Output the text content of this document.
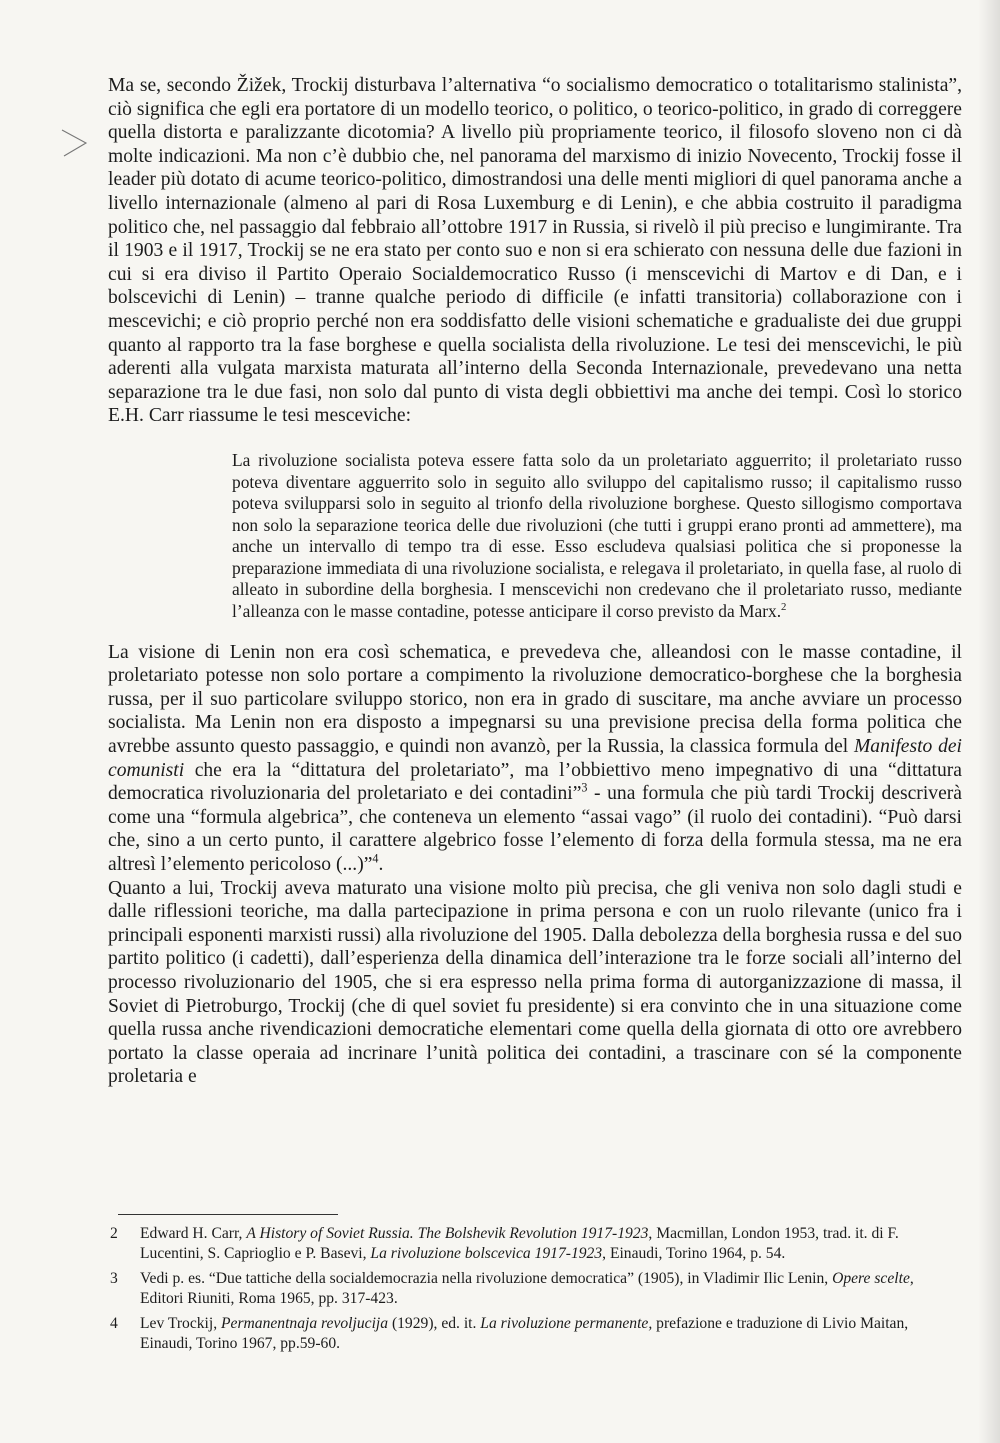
Ma se, secondo Žižek, Trockij disturbava l’alternativa “o socialismo democratico o totalitarismo stalinista”, ciò significa che egli era portatore di un modello teorico, o politico, o teorico-politico, in grado di correggere quella distorta e paralizzante dicotomia? A livello più propriamente teorico, il filosofo sloveno non ci dà molte indicazioni. Ma non c’è dubbio che, nel panorama del marxismo di inizio Novecento, Trockij fosse il leader più dotato di acume teorico-politico, dimostrandosi una delle menti migliori di quel panorama anche a livello internazionale (almeno al pari di Rosa Luxemburg e di Lenin), e che abbia costruito il paradigma politico che, nel passaggio dal febbraio all’ottobre 1917 in Russia, si rivelò il più preciso e lungimirante. Tra il 1903 e il 1917, Trockij se ne era stato per conto suo e non si era schierato con nessuna delle due fazioni in cui si era diviso il Partito Operaio Socialdemocratico Russo (i menscevichi di Martov e di Dan, e i bolscevichi di Lenin) – tranne qualche periodo di difficile (e infatti transitoria) collaborazione con i mescevichi; e ciò proprio perché non era soddisfatto delle visioni schematiche e gradualiste dei due gruppi quanto al rapporto tra la fase borghese e quella socialista della rivoluzione. Le tesi dei menscevichi, le più aderenti alla vulgata marxista maturata all’interno della Seconda Internazionale, prevedevano una netta separazione tra le due fasi, non solo dal punto di vista degli obbiettivi ma anche dei tempi. Così lo storico E.H. Carr riassume le tesi mesceviche:

La rivoluzione socialista poteva essere fatta solo da un proletariato agguerrito; il proletariato russo poteva diventare agguerrito solo in seguito allo sviluppo del capitalismo russo; il capitalismo russo poteva svilupparsi solo in seguito al trionfo della rivoluzione borghese. Questo sillogismo comportava non solo la separazione teorica delle due rivoluzioni (che tutti i gruppi erano pronti ad ammettere), ma anche un intervallo di tempo tra di esse. Esso escludeva qualsiasi politica che si proponesse la preparazione immediata di una rivoluzione socialista, e relegava il proletariato, in quella fase, al ruolo di alleato in subordine della borghesia. I menscevichi non credevano che il proletariato russo, mediante l’alleanza con le masse contadine, potesse anticipare il corso previsto da Marx.$^2$

La visione di Lenin non era così schematica, e prevedeva che, alleandosi con le masse contadine, il proletariato potesse non solo portare a compimento la rivoluzione democratico-borghese che la borghesia russa, per il suo particolare sviluppo storico, non era in grado di suscitare, ma anche avviare un processo socialista. Ma Lenin non era disposto a impegnarsi su una previsione precisa della forma politica che avrebbe assunto questo passaggio, e quindi non avanzò, per la Russia, la classica formula del Manifesto dei comunisti che era la “dittatura del proletariato”, ma l’obbiettivo meno impegnativo di una “dittatura democratica rivoluzionaria del proletariato e dei contadini”$^3$ - una formula che più tardi Trockij descriverà come una “formula algebrica”, che conteneva un elemento “assai vago” (il ruolo dei contadini). “Può darsi che, sino a un certo punto, il carattere algebrico fosse l’elemento di forza della formula stessa, ma ne era altresì l’elemento pericoloso (...)”$^4$.

Quanto a lui, Trockij aveva maturato una visione molto più precisa, che gli veniva non solo dagli studi e dalle riflessioni teoriche, ma dalla partecipazione in prima persona e con un ruolo rilevante (unico fra i principali esponenti marxisti russi) alla rivoluzione del 1905. Dalla debolezza della borghesia russa e del suo partito politico (i cadetti), dall’esperienza della dinamica dell’interazione tra le forze sociali all’interno del processo rivoluzionario del 1905, che si era espresso nella prima forma di autorganizzazione di massa, il Soviet di Pietroburgo, Trockij (che di quel soviet fu presidente) si era convinto che in una situazione come quella russa anche rivendicazioni democratiche elementari come quella della giornata di otto ore avrebbero portato la classe operaia ad incrinare l’unità politica dei contadini, a trascinare con sé la componente proletaria e

2	Edward H. Carr, A History of Soviet Russia. The Bolshevik Revolution 1917-1923, Macmillan, London 1953, trad. it. di F. Lucentini, S. Caprioglio e P. Basevi, La rivoluzione bolscevica 1917-1923, Einaudi, Torino 1964, p. 54.
3	Vedi p. es. “Due tattiche della socialdemocrazia nella rivoluzione democratica” (1905), in Vladimir Ilic Lenin, Opere scelte, Editori Riuniti, Roma 1965, pp. 317-423.
4	Lev Trockij, Permanentnaja revoljucija (1929), ed. it. La rivoluzione permanente, prefazione e traduzione di Livio Maitan, Einaudi, Torino 1967, pp.59-60.
